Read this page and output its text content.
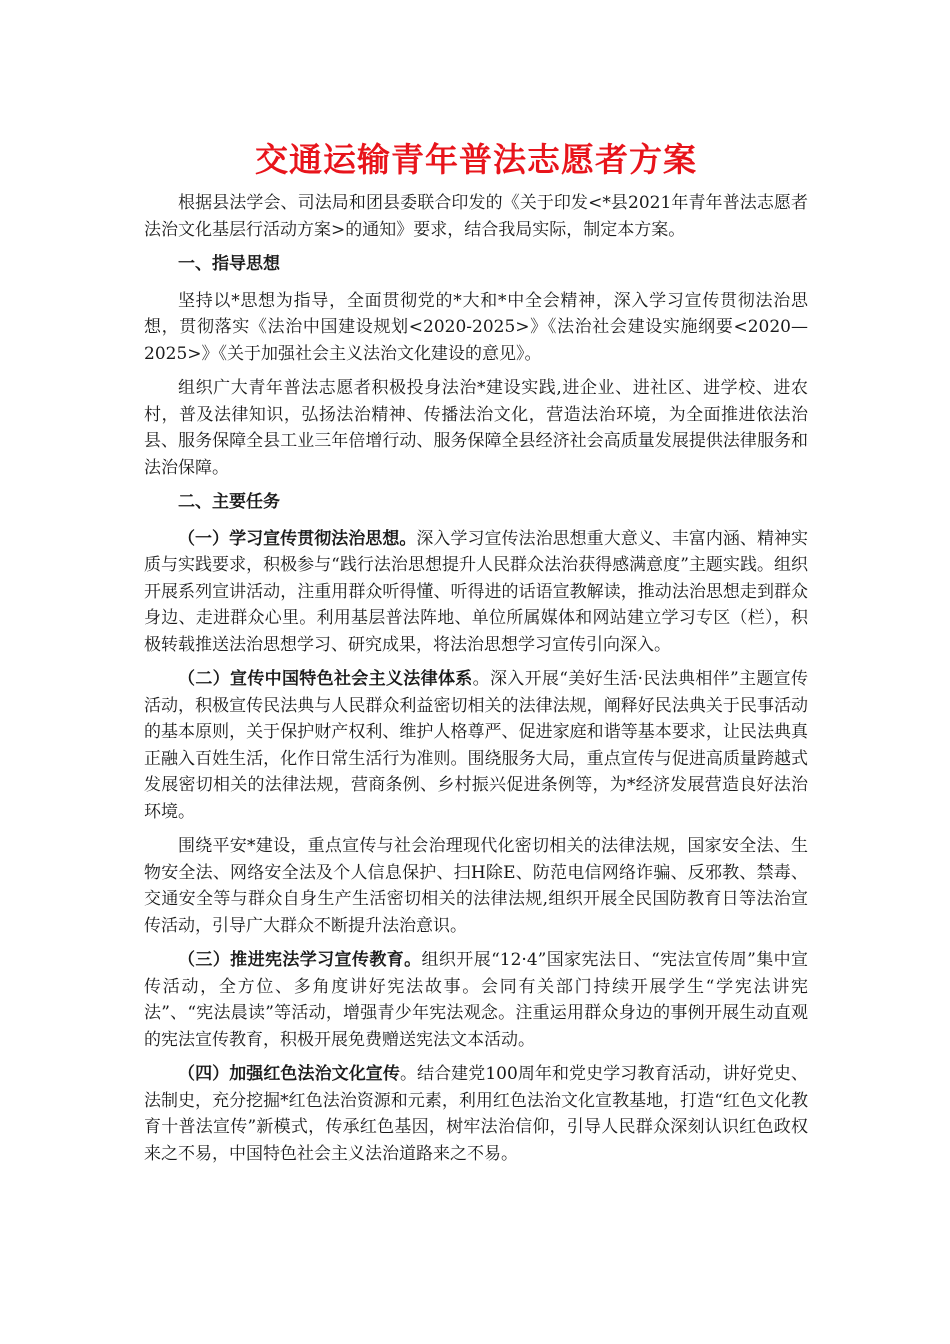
交通运输青年普法志愿者方案

根据县法学会、司法局和团县委联合印发的《关于印发<*县2021年青年普法志愿者法治文化基层行活动方案>的通知》要求，结合我局实际，制定本方案。

一、指导思想

坚持以*思想为指导，全面贯彻党的*大和*中全会精神，深入学习宣传贯彻法治思想，贯彻落实《法治中国建设规划<2020-2025>》《法治社会建设实施纲要<2020—2025>》《关于加强社会主义法治文化建设的意见》。

组织广大青年普法志愿者积极投身法治*建设实践,进企业、进社区、进学校、进农村，普及法律知识，弘扬法治精神、传播法治文化，营造法治环境，为全面推进依法治县、服务保障全县工业三年倍增行动、服务保障全县经济社会高质量发展提供法律服务和法治保障。

二、主要任务

（一）学习宣传贯彻法治思想。深入学习宣传法治思想重大意义、丰富内涵、精神实质与实践要求，积极参与“践行法治思想提升人民群众法治获得感满意度”主题实践。组织开展系列宣讲活动，注重用群众听得懂、听得进的话语宣教解读，推动法治思想走到群众身边、走进群众心里。利用基层普法阵地、单位所属媒体和网站建立学习专区（栏），积极转载推送法治思想学习、研究成果，将法治思想学习宣传引向深入。

（二）宣传中国特色社会主义法律体系。深入开展“美好生活·民法典相伴”主题宣传活动，积极宣传民法典与人民群众利益密切相关的法律法规，阐释好民法典关于民事活动的基本原则，关于保护财产权利、维护人格尊严、促进家庭和谐等基本要求，让民法典真正融入百姓生活，化作日常生活行为准则。围绕服务大局，重点宣传与促进高质量跨越式发展密切相关的法律法规，营商条例、乡村振兴促进条例等，为*经济发展营造良好法治环境。

围绕平安*建设，重点宣传与社会治理现代化密切相关的法律法规，国家安全法、生物安全法、网络安全法及个人信息保护、扫H除E、防范电信网络诈骗、反邪教、禁毒、交通安全等与群众自身生产生活密切相关的法律法规,组织开展全民国防教育日等法治宣传活动，引导广大群众不断提升法治意识。

（三）推进宪法学习宣传教育。组织开展“12·4”国家宪法日、“宪法宣传周”集中宣传活动，全方位、多角度讲好宪法故事。会同有关部门持续开展学生“学宪法讲宪法”、“宪法晨读”等活动，增强青少年宪法观念。注重运用群众身边的事例开展生动直观的宪法宣传教育，积极开展免费赠送宪法文本活动。

（四）加强红色法治文化宣传。结合建党100周年和党史学习教育活动，讲好党史、法制史，充分挖掘*红色法治资源和元素，利用红色法治文化宣教基地，打造“红色文化教育十普法宣传”新模式，传承红色基因，树牢法治信仰，引导人民群众深刻认识红色政权来之不易，中国特色社会主义法治道路来之不易。
